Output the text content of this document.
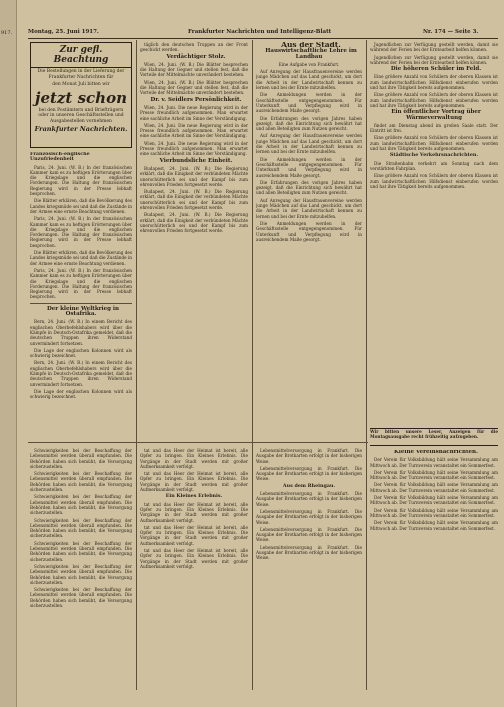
917.	Montag, 25. Juni 1917.	Frankfurter Nachrichten und Intelligenz-Blatt	Nr. 174 — Seite 3.
Zur gefl. Beachtung
Die Bestellungen in der Lieferung der Frankfurter Nachrichten für
den Monat Juli bitten wir
jetzt schon
bei den Postämtern und Briefträgern oder in unseren Geschäftsstellen und Ausgabestellen vornehmen
Frankfurter Nachrichten.

Französisch-englische Unzufriedenheit

Paris, 24. Juni. (W. B.) In der französischen Kammer kam es zu heftigen Erörterungen über die Kriegslage und die englischen Forderungen. Die Haltung der französischen Regierung wird in der Presse lebhaft besprochen.

Die Blätter erklären, daß die Bevölkerung des Landes kriegsmüde sei und daß die Zustände in der Armee eine ernste Beachtung verdienen.

Paris, 24. Juni. (W. B.) In der französischen Kammer kam es zu heftigen Erörterungen über die Kriegslage und die englischen Forderungen. Die Haltung der französischen Regierung wird in der Presse lebhaft besprochen.

Die Blätter erklären, daß die Bevölkerung des Landes kriegsmüde sei und daß die Zustände in der Armee eine ernste Beachtung verdienen.

Paris, 24. Juni. (W. B.) In der französischen Kammer kam es zu heftigen Erörterungen über die Kriegslage und die englischen Forderungen. Die Haltung der französischen Regierung wird in der Presse lebhaft besprochen.

Der kleine Weltkrieg in Ostafrika.

Bern, 24. Juni. (W. B.) In einem Bericht des englischen Oberbefehlshabers wird über die Kämpfe in Deutsch-Ostafrika gemeldet, daß die deutschen Truppen ihren Widerstand unvermindert fortsetzen.

Die Lage der englischen Kolonnen wird als schwierig bezeichnet.

Bern, 24. Juni. (W. B.) In einem Bericht des englischen Oberbefehlshabers wird über die Kämpfe in Deutsch-Ostafrika gemeldet, daß die deutschen Truppen ihren Widerstand unvermindert fortsetzen.

Die Lage der englischen Kolonnen wird als schwierig bezeichnet.

täglich den deutschen Truppen an der Front geschickt werden.

Verdächtiger Stolz.

Wien, 24. Juni. (W. B.) Die Blätter besprechen die Haltung der Gegner und stellen fest, daß die Vorteile der Mittelmächte unverändert bestehen.

Wien, 24. Juni. (W. B.) Die Blätter besprechen die Haltung der Gegner und stellen fest, daß die Vorteile der Mittelmächte unverändert bestehen.

Dr. v. Seidlers Persönlichkeit.

Wien, 24. Juni. Die neue Regierung wird in der Presse freundlich aufgenommen. Man erwartet eine sachliche Arbeit im Sinne der Verständigung.

Wien, 24. Juni. Die neue Regierung wird in der Presse freundlich aufgenommen. Man erwartet eine sachliche Arbeit im Sinne der Verständigung.

Wien, 24. Juni. Die neue Regierung wird in der Presse freundlich aufgenommen. Man erwartet eine sachliche Arbeit im Sinne der Verständigung.

Vierbundsliche Einheit.

Budapest, 24. Juni. (W. B.) Die Regierung erklärt, daß die Einigkeit der verbündeten Mächte unerschütterlich sei und der Kampf bis zum ehrenvollen Frieden fortgesetzt werde.

Budapest, 24. Juni. (W. B.) Die Regierung erklärt, daß die Einigkeit der verbündeten Mächte unerschütterlich sei und der Kampf bis zum ehrenvollen Frieden fortgesetzt werde.

Budapest, 24. Juni. (W. B.) Die Regierung erklärt, daß die Einigkeit der verbündeten Mächte unerschütterlich sei und der Kampf bis zum ehrenvollen Frieden fortgesetzt werde.

Aus der Stadt.

Hauswirtschaftliche Lehre im Landbau

Eine Aufgabe von Frankfurt.

Auf Anregung der Hausfrauenvereine werden junge Mädchen auf das Land geschickt, um dort die Arbeit in der Landwirtschaft kennen zu lernen und bei der Ernte mitzuhelfen.

Die Anmeldungen werden in der Geschäftsstelle entgegengenommen. Für Unterkunft und Verpflegung wird in ausreichendem Maße gesorgt.

Die Erfahrungen des vorigen Jahres haben gezeigt, daß die Einrichtung sich bewährt hat und allen Beteiligten zum Nutzen gereicht.

Auf Anregung der Hausfrauenvereine werden junge Mädchen auf das Land geschickt, um dort die Arbeit in der Landwirtschaft kennen zu lernen und bei der Ernte mitzuhelfen.

Die Anmeldungen werden in der Geschäftsstelle entgegengenommen. Für Unterkunft und Verpflegung wird in ausreichendem Maße gesorgt.

Die Erfahrungen des vorigen Jahres haben gezeigt, daß die Einrichtung sich bewährt hat und allen Beteiligten zum Nutzen gereicht.

Auf Anregung der Hausfrauenvereine werden junge Mädchen auf das Land geschickt, um dort die Arbeit in der Landwirtschaft kennen zu lernen und bei der Ernte mitzuhelfen.

Die Anmeldungen werden in der Geschäftsstelle entgegengenommen. Für Unterkunft und Verpflegung wird in ausreichendem Maße gesorgt.

Jugendlichen zur Verfügung gestellt werden, damit sie während der Ferien bei der Erntearbeit helfen können.

Jugendlichen zur Verfügung gestellt werden, damit sie während der Ferien bei der Erntearbeit helfen können.

Die höheren Schüler im Feld.

Eine größere Anzahl von Schülern der oberen Klassen ist zum landwirtschaftlichen Hilfsdienst einberufen worden und hat ihre Tätigkeit bereits aufgenommen.

Eine größere Anzahl von Schülern der oberen Klassen ist zum landwirtschaftlichen Hilfsdienst einberufen worden und hat ihre Tätigkeit bereits aufgenommen.

Ein öffentlicher Vortrag über Wärmeverwaltung

findet am Dienstag abend im großen Saale statt. Der Eintritt ist frei.

Eine größere Anzahl von Schülern der oberen Klassen ist zum landwirtschaftlichen Hilfsdienst einberufen worden und hat ihre Tätigkeit bereits aufgenommen.

Städtische Verkehrsnachrichten.

Die Straßenbahn verkehrt am Sonntag nach dem verstärkten Fahrplan.

Eine größere Anzahl von Schülern der oberen Klassen ist zum landwirtschaftlichen Hilfsdienst einberufen worden und hat ihre Tätigkeit bereits aufgenommen.

Wir bitten unsere Leser, Anzeigen für die Montagsausgabe recht frühzeitig aufzugeben.

Schwierigkeiten bei der Beschaffung der Lebensmittel werden überall empfunden. Die Behörden haben sich bemüht, die Versorgung sicherzustellen.

Schwierigkeiten bei der Beschaffung der Lebensmittel werden überall empfunden. Die Behörden haben sich bemüht, die Versorgung sicherzustellen.

Schwierigkeiten bei der Beschaffung der Lebensmittel werden überall empfunden. Die Behörden haben sich bemüht, die Versorgung sicherzustellen.

Schwierigkeiten bei der Beschaffung der Lebensmittel werden überall empfunden. Die Behörden haben sich bemüht, die Versorgung sicherzustellen.

Schwierigkeiten bei der Beschaffung der Lebensmittel werden überall empfunden. Die Behörden haben sich bemüht, die Versorgung sicherzustellen.

Schwierigkeiten bei der Beschaffung der Lebensmittel werden überall empfunden. Die Behörden haben sich bemüht, die Versorgung sicherzustellen.

Schwierigkeiten bei der Beschaffung der Lebensmittel werden überall empfunden. Die Behörden haben sich bemüht, die Versorgung sicherzustellen.

tat und das Heer der Heimat ist bereit, alle Opfer zu bringen. Ein Kleines Erlebnis. Die Vorgänge in der Stadt werden mit großer Aufmerksamkeit verfolgt.

tat und das Heer der Heimat ist bereit, alle Opfer zu bringen. Ein Kleines Erlebnis. Die Vorgänge in der Stadt werden mit großer Aufmerksamkeit verfolgt.

Ein Kleines Erlebnis.

tat und das Heer der Heimat ist bereit, alle Opfer zu bringen. Ein Kleines Erlebnis. Die Vorgänge in der Stadt werden mit großer Aufmerksamkeit verfolgt.

tat und das Heer der Heimat ist bereit, alle Opfer zu bringen. Ein Kleines Erlebnis. Die Vorgänge in der Stadt werden mit großer Aufmerksamkeit verfolgt.

tat und das Heer der Heimat ist bereit, alle Opfer zu bringen. Ein Kleines Erlebnis. Die Vorgänge in der Stadt werden mit großer Aufmerksamkeit verfolgt.

Lebensmittelversorgung in Frankfurt. Die Ausgabe der Brotkarten erfolgt in der bisherigen Weise.

Lebensmittelversorgung in Frankfurt. Die Ausgabe der Brotkarten erfolgt in der bisherigen Weise.

Aus dem Rheingau.

Lebensmittelversorgung in Frankfurt. Die Ausgabe der Brotkarten erfolgt in der bisherigen Weise.

Lebensmittelversorgung in Frankfurt. Die Ausgabe der Brotkarten erfolgt in der bisherigen Weise.

Lebensmittelversorgung in Frankfurt. Die Ausgabe der Brotkarten erfolgt in der bisherigen Weise.

Lebensmittelversorgung in Frankfurt. Die Ausgabe der Brotkarten erfolgt in der bisherigen Weise.

Kleine Vereinsnachrichten.

Der Verein für Volksbildung hält seine Versammlung am Mittwoch ab. Der Turnverein veranstaltet ein Sommerfest.

Der Verein für Volksbildung hält seine Versammlung am Mittwoch ab. Der Turnverein veranstaltet ein Sommerfest.

Der Verein für Volksbildung hält seine Versammlung am Mittwoch ab. Der Turnverein veranstaltet ein Sommerfest.

Der Verein für Volksbildung hält seine Versammlung am Mittwoch ab. Der Turnverein veranstaltet ein Sommerfest.

Der Verein für Volksbildung hält seine Versammlung am Mittwoch ab. Der Turnverein veranstaltet ein Sommerfest.

Der Verein für Volksbildung hält seine Versammlung am Mittwoch ab. Der Turnverein veranstaltet ein Sommerfest.
